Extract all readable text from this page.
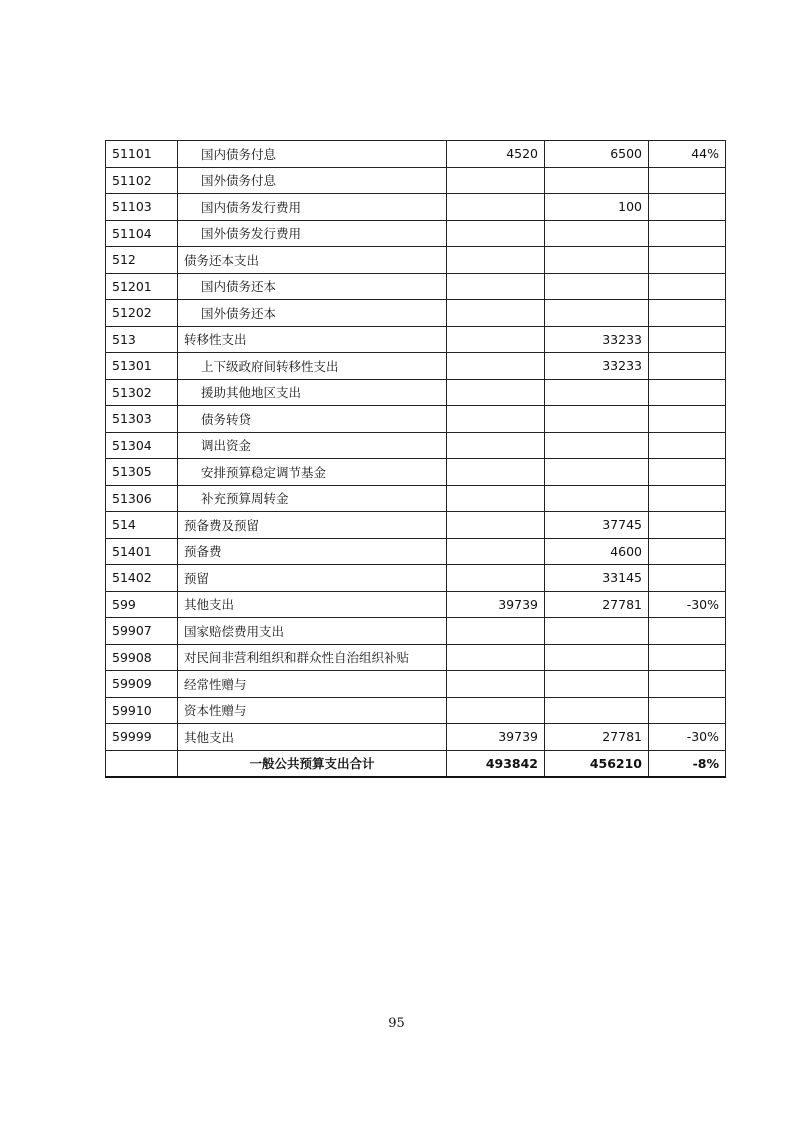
51101	国内债务付息	4520	6500	44%
51102	国外债务付息			
51103	国内债务发行费用		100	
51104	国外债务发行费用			
512	债务还本支出			
51201	国内债务还本			
51202	国外债务还本			
513	转移性支出		33233	
51301	上下级政府间转移性支出		33233	
51302	援助其他地区支出			
51303	债务转贷			
51304	调出资金			
51305	安排预算稳定调节基金			
51306	补充预算周转金			
514	预备费及预留		37745	
51401	预备费		4600	
51402	预留		33145	
599	其他支出	39739	27781	-30%
59907	国家赔偿费用支出			
59908	对民间非营利组织和群众性自治组织补贴			
59909	经常性赠与			
59910	资本性赠与			
59999	其他支出	39739	27781	-30%
	一般公共预算支出合计	493842	456210	-8%
95
